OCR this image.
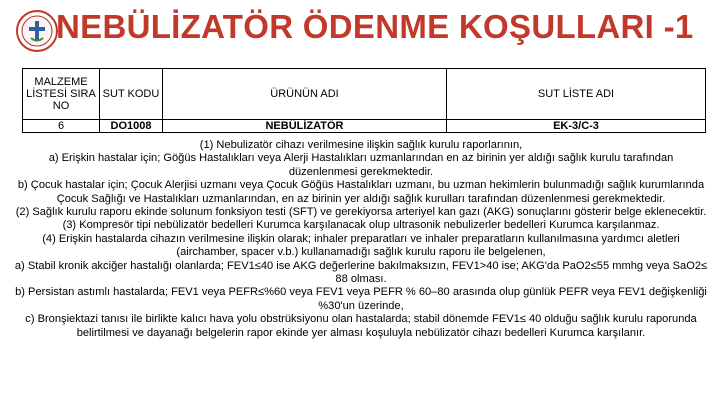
NEBÜLİZATÖR ÖDENME KOŞULLARI -1
MALZEME LİSTESİ SIRA NO	SUT KODU	ÜRÜNÜN ADI	SUT LİSTE ADI
6	DO1008	NEBÜLİZATÖR	EK-3/C-3

(1) Nebulizatör cihazı verilmesine ilişkin sağlık kurulu raporlarının,

a) Erişkin hastalar için; Göğüs Hastalıkları veya Alerji Hastalıkları uzmanlarından en az birinin yer aldığı sağlık kurulu tarafından düzenlenmesi gerekmektedir.

b) Çocuk hastalar için; Çocuk Alerjisi uzmanı veya Çocuk Göğüs Hastalıkları uzmanı, bu uzman hekimlerin bulunmadığı sağlık kurumlarında Çocuk Sağlığı ve Hastalıkları uzmanlarından, en az birinin yer aldığı sağlık kurulları tarafından düzenlenmesi gerekmektedir.

(2) Sağlık kurulu raporu ekinde solunum fonksiyon testi (SFT) ve gerekiyorsa arteriyel kan gazı (AKG) sonuçlarını gösterir belge eklenecektir.

(3) Kompresör tipi nebülizatör bedelleri Kurumca karşılanacak olup ultrasonik nebulizerler bedelleri Kurumca karşılanmaz.

(4) Erişkin hastalarda cihazın verilmesine ilişkin olarak; inhaler preparatları ve inhaler preparatların kullanılmasına yardımcı aletleri (airchamber, spacer v.b.) kullanamadığı sağlık kurulu raporu ile belgelenen,

a) Stabil kronik akciğer hastalığı olanlarda; FEV1≤40 ise AKG değerlerine bakılmaksızın, FEV1>40 ise; AKG'da PaO2≤55 mmhg veya SaO2≤ 88 olması.

b) Persistan astımlı hastalarda; FEV1 veya PEFR≤%60 veya FEV1 veya PEFR % 60–80 arasında olup günlük PEFR veya FEV1 değişkenliği %30'un üzerinde,

c) Bronşiektazi tanısı ile birlikte kalıcı hava yolu obstrüksiyonu olan hastalarda; stabil dönemde FEV1≤ 40 olduğu sağlık kurulu raporunda belirtilmesi ve dayanağı belgelerin rapor ekinde yer alması koşuluyla nebülizatör cihazı bedelleri Kurumca karşılanır.
